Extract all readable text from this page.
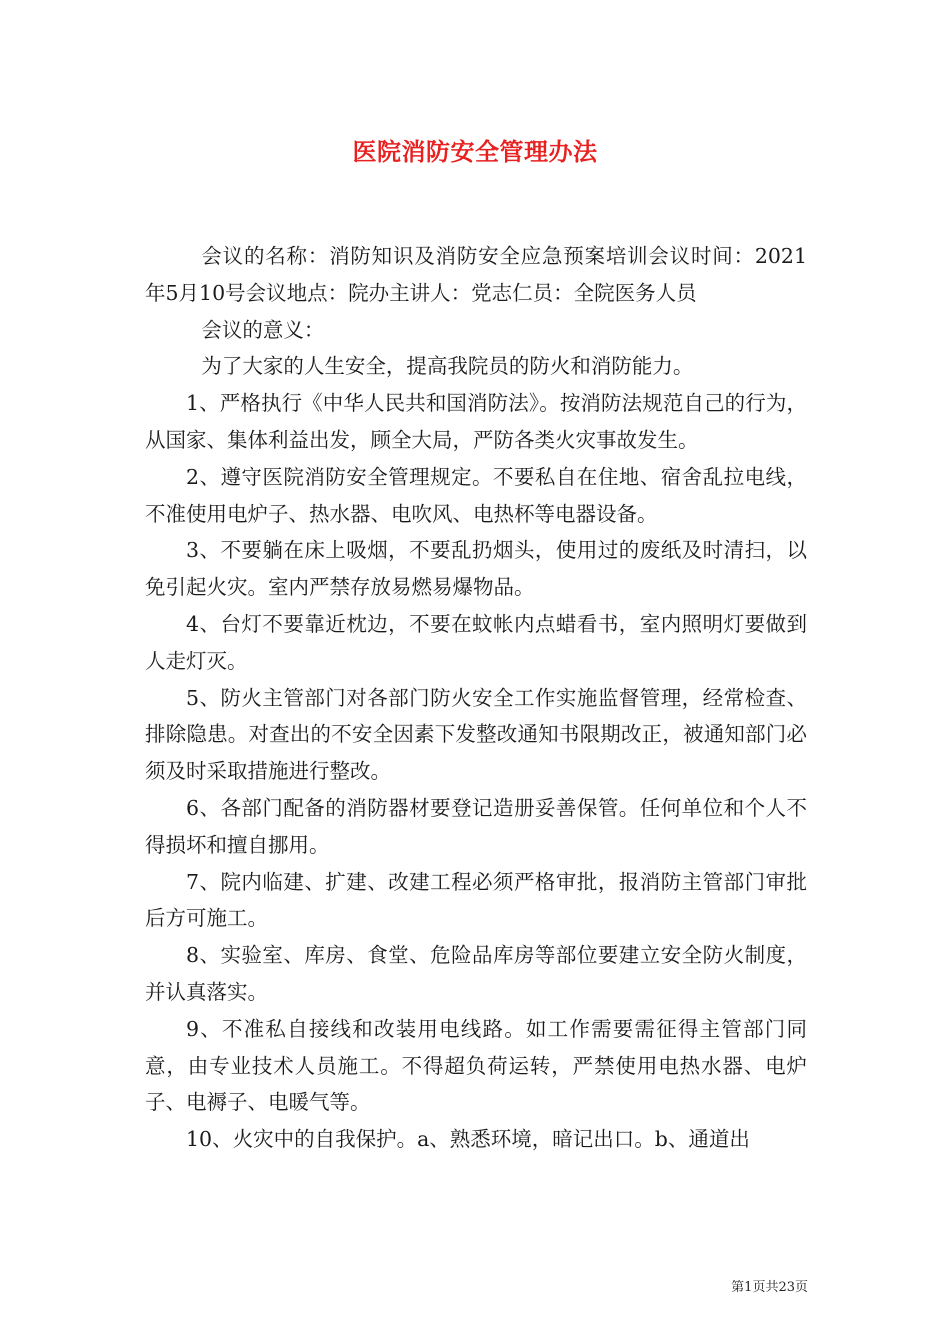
医院消防安全管理办法

会议的名称：消防知识及消防安全应急预案培训会议时间：2021年5月10号会议地点：院办主讲人：党志仁员：全院医务人员

会议的意义：

为了大家的人生安全，提高我院员的防火和消防能力。

1、严格执行《中华人民共和国消防法》。按消防法规范自己的行为，从国家、集体利益出发，顾全大局，严防各类火灾事故发生。

2、遵守医院消防安全管理规定。不要私自在住地、宿舍乱拉电线，不准使用电炉子、热水器、电吹风、电热杯等电器设备。

3、不要躺在床上吸烟，不要乱扔烟头，使用过的废纸及时清扫，以免引起火灾。室内严禁存放易燃易爆物品。

4、台灯不要靠近枕边，不要在蚊帐内点蜡看书，室内照明灯要做到人走灯灭。

5、防火主管部门对各部门防火安全工作实施监督管理，经常检查、排除隐患。对查出的不安全因素下发整改通知书限期改正，被通知部门必须及时采取措施进行整改。

6、各部门配备的消防器材要登记造册妥善保管。任何单位和个人不得损坏和擅自挪用。

7、院内临建、扩建、改建工程必须严格审批，报消防主管部门审批后方可施工。

8、实验室、库房、食堂、危险品库房等部位要建立安全防火制度，并认真落实。

9、不准私自接线和改装用电线路。如工作需要需征得主管部门同意，由专业技术人员施工。不得超负荷运转，严禁使用电热水器、电炉子、电褥子、电暖气等。

10、火灾中的自我保护。a、熟悉环境，暗记出口。b、通道出

第1页共23页
